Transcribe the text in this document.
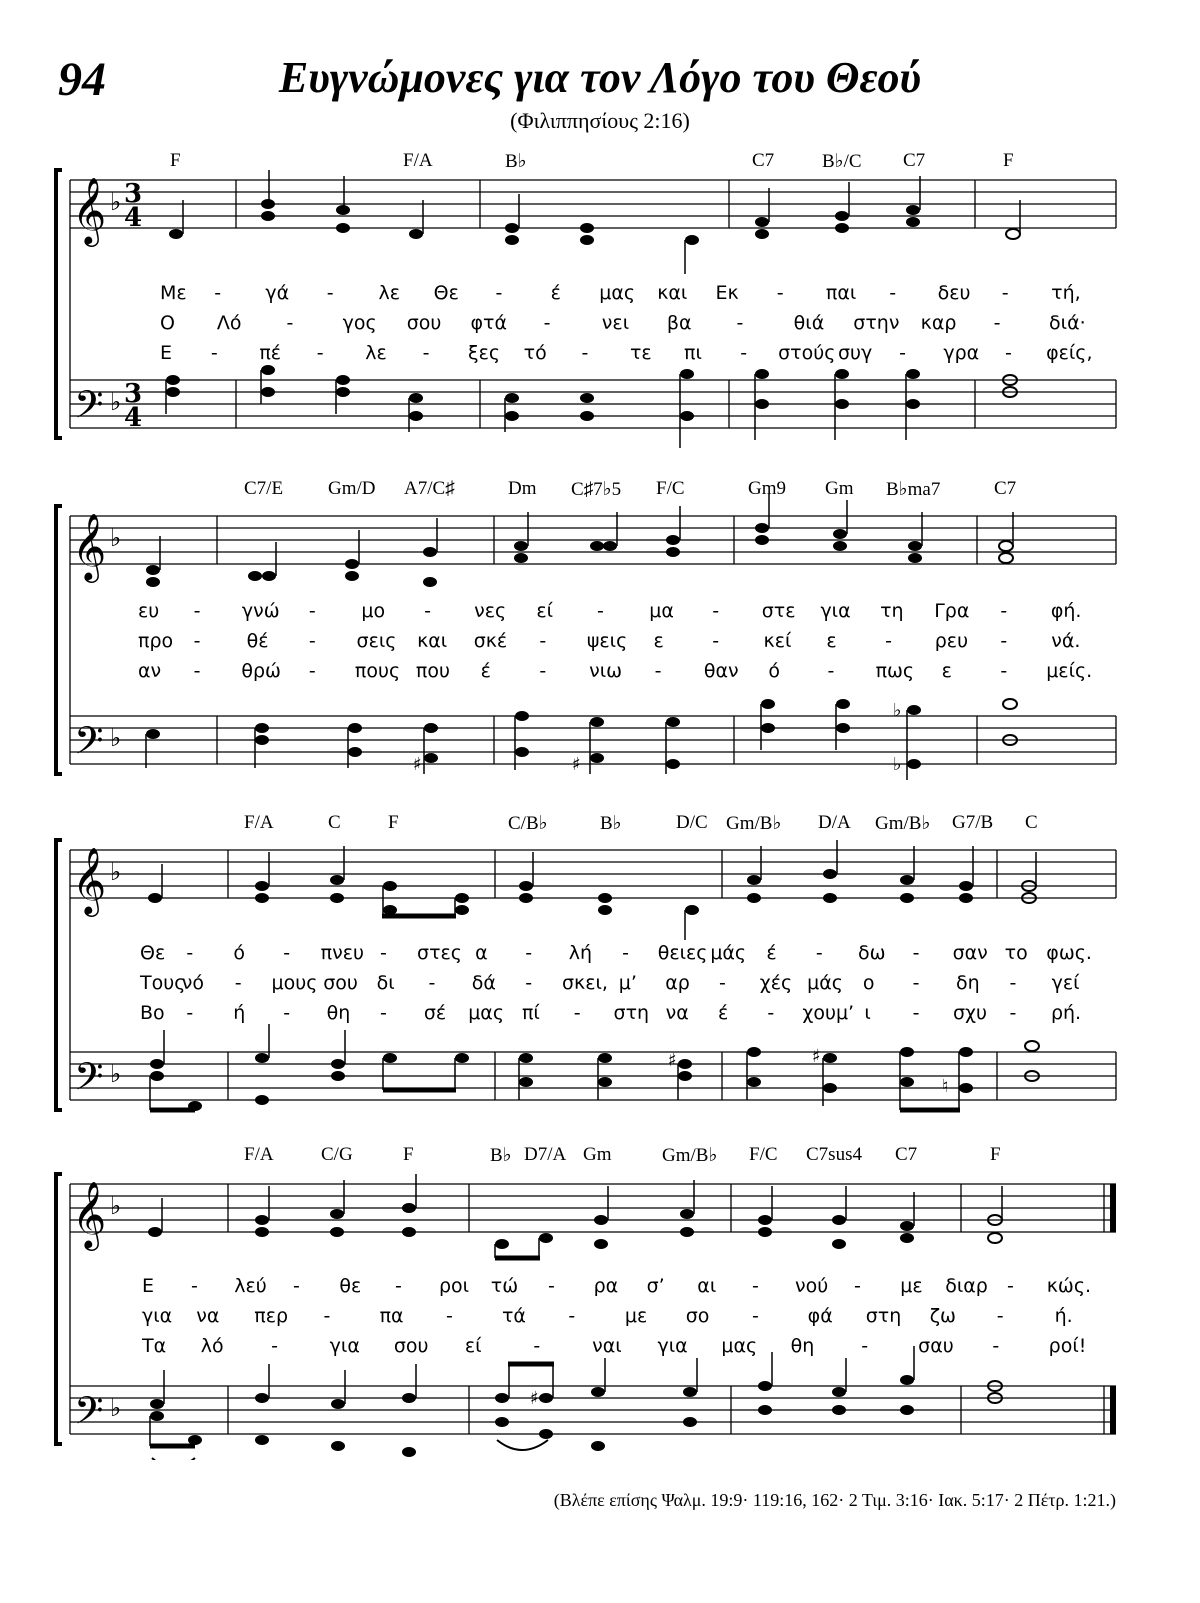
94	Ευγνώμονες για τον Λόγο του Θεού
(Φιλιππησίους 2:16)
F	F/A	B♭	C7	B♭/C C7	F
𝄞
𝄢
♭
♭
3
4
3
4
Με - γά - λε Θε -	έ μας και Εκ - παι - δευ - τή,
Ο Λό -	γος σου φτά -	νει βα -	θιά στην καρ -	διά·
Ε - πέ - λε - ξες τό - τε πι - στούς συγ - γρα - φείς,
C7/E Gm/D A7/C♯	Dm C♯7♭5 F/C	Gm9 Gm B♭ma7	C7
𝄞
𝄢
♭
♭
♯
♯
♭
♭
ευ - γνώ - μο - νες εί - μα - στε για τη Γρα - φή.
προ - θέ - σεις και σκέ - ψεις ε	- κεί ε	- ρευ - νά.
αν - θρώ - πους που έ	- νιω - θαν ό - πως ε	- μείς.
F/A	C F	C/B♭	B♭	D/C Gm/B♭ D/A Gm/B♭ G7/B C
𝄞
𝄢
♭
♭	♯	♯
♮
Θε - ό - πνευ - στες α - λή - θειες μάς έ - δω - σαν το φως.
Τους
νό - μους σου δι - δά - σκει, μ’ αρ - χές μάς ο - δη - γεί
Βο - ή - θη - σέ μας πί - στη να έ - χουμ’ ι - σχυ - ρή.
F/A C/G	F	B♭ D7/A Gm	Gm/B♭ F/C C7sus4 C7	F
𝄞
𝄢
♭
♭	♯
Ε - λεύ - θε - ροι τώ - ρα σ’ αι - νού - με διαρ - κώς.
για να περ -	πα -	τά -	με σο -	φά στη ζω -	ή.
Τα λό	-	για σου εί	-	ναι για μας θη -	σαυ -	ροί!
(Βλέπε επίσης Ψαλμ. 19:9· 119:16, 162· 2 Τιμ. 3:16· Ιακ. 5:17· 2 Πέτρ. 1:21.)
